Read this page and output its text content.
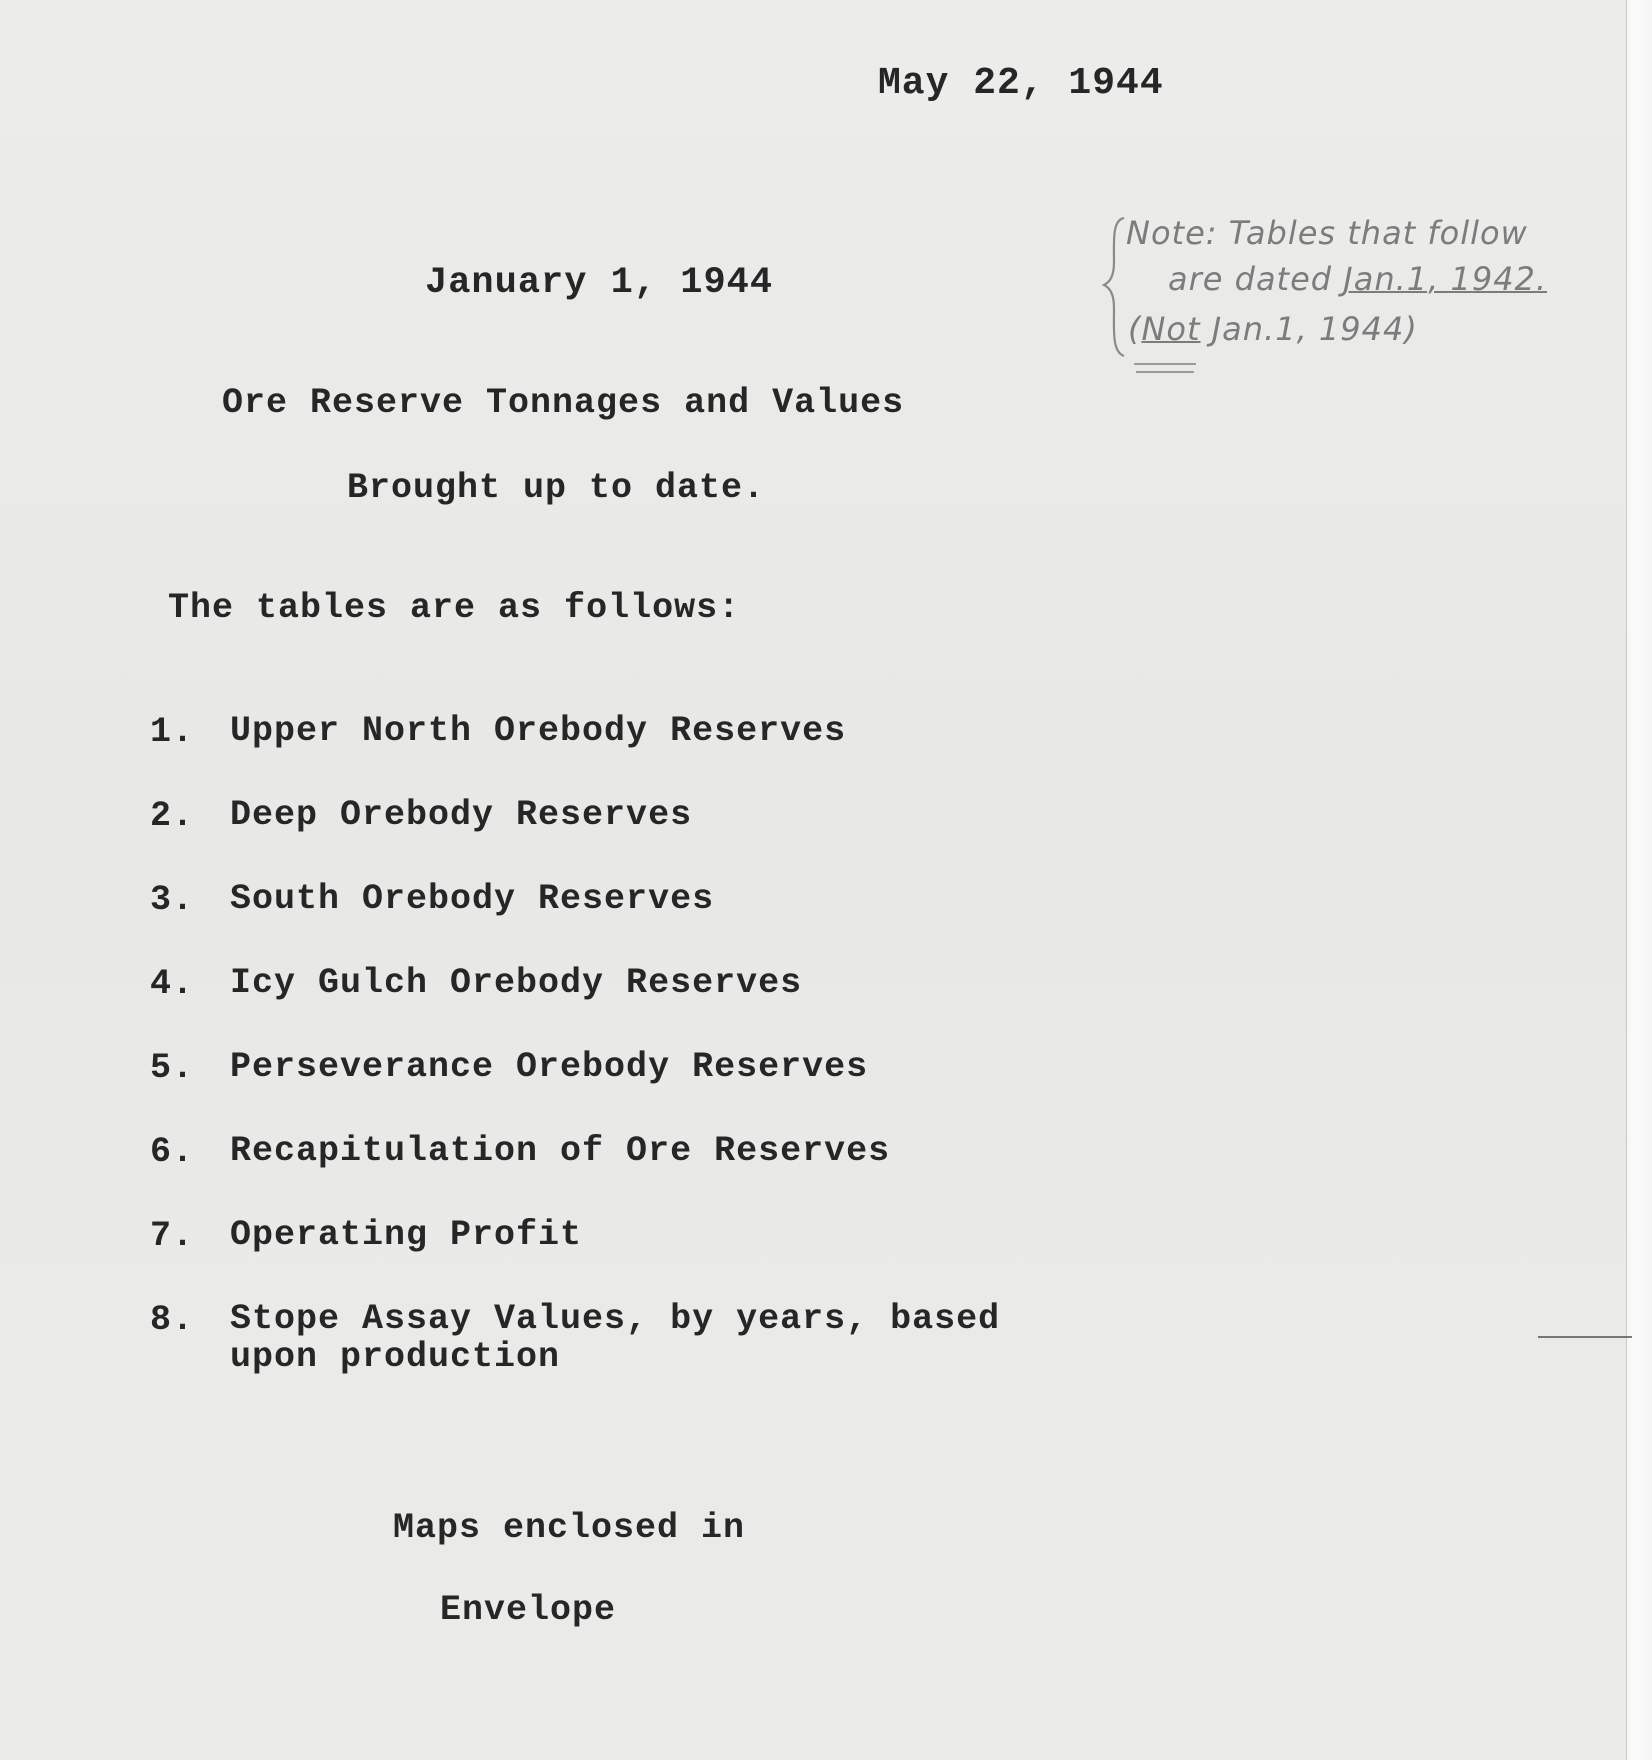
May 22, 1944

January 1, 1944

Ore Reserve Tonnages and Values

Brought up to date.

The tables are as follows:

1.	Upper North Orebody Reserves
2.	Deep Orebody Reserves
3.	South Orebody Reserves
4.	Icy Gulch Orebody Reserves
5.	Perseverance Orebody Reserves
6.	Recapitulation of Ore Reserves
7.	Operating Profit
8.	Stope Assay Values, by years, based
upon production

Maps enclosed in

Envelope

Note: Tables that follow

are dated Jan.1, 1942.

(Not Jan.1, 1944)
